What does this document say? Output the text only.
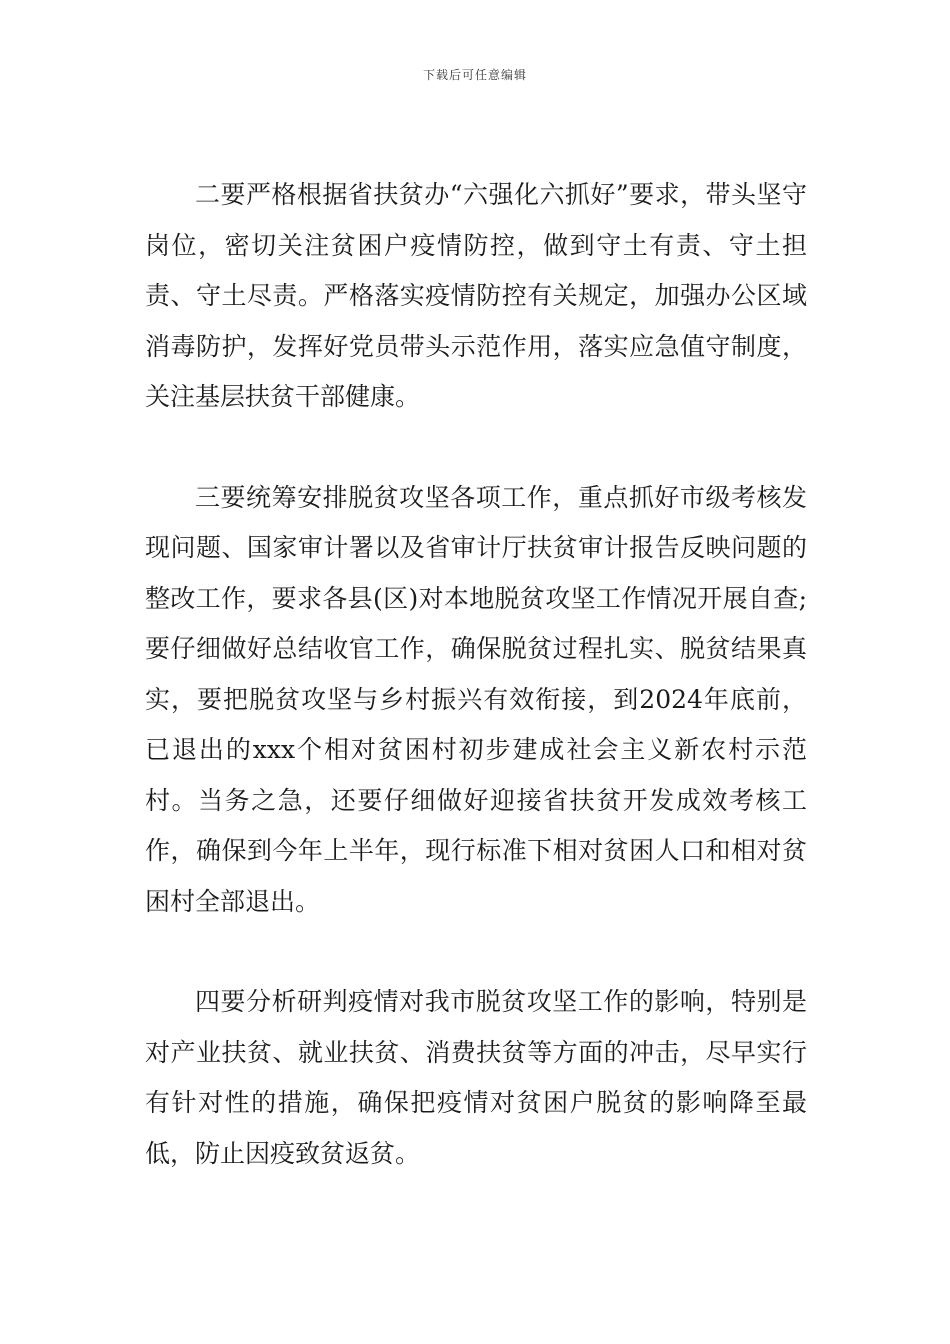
下载后可任意编辑

二要严格根据省扶贫办“六强化六抓好”要求，带头坚守岗位，密切关注贫困户疫情防控，做到守土有责、守土担责、守土尽责。严格落实疫情防控有关规定，加强办公区域消毒防护，发挥好党员带头示范作用，落实应急值守制度，关注基层扶贫干部健康。

三要统筹安排脱贫攻坚各项工作，重点抓好市级考核发现问题、国家审计署以及省审计厅扶贫审计报告反映问题的整改工作，要求各县(区)对本地脱贫攻坚工作情况开展自查;要仔细做好总结收官工作，确保脱贫过程扎实、脱贫结果真实，要把脱贫攻坚与乡村振兴有效衔接，到2024年底前，已退出的xxx个相对贫困村初步建成社会主义新农村示范村。当务之急，还要仔细做好迎接省扶贫开发成效考核工作，确保到今年上半年，现行标准下相对贫困人口和相对贫困村全部退出。

四要分析研判疫情对我市脱贫攻坚工作的影响，特别是对产业扶贫、就业扶贫、消费扶贫等方面的冲击，尽早实行有针对性的措施，确保把疫情对贫困户脱贫的影响降至最低，防止因疫致贫返贫。
